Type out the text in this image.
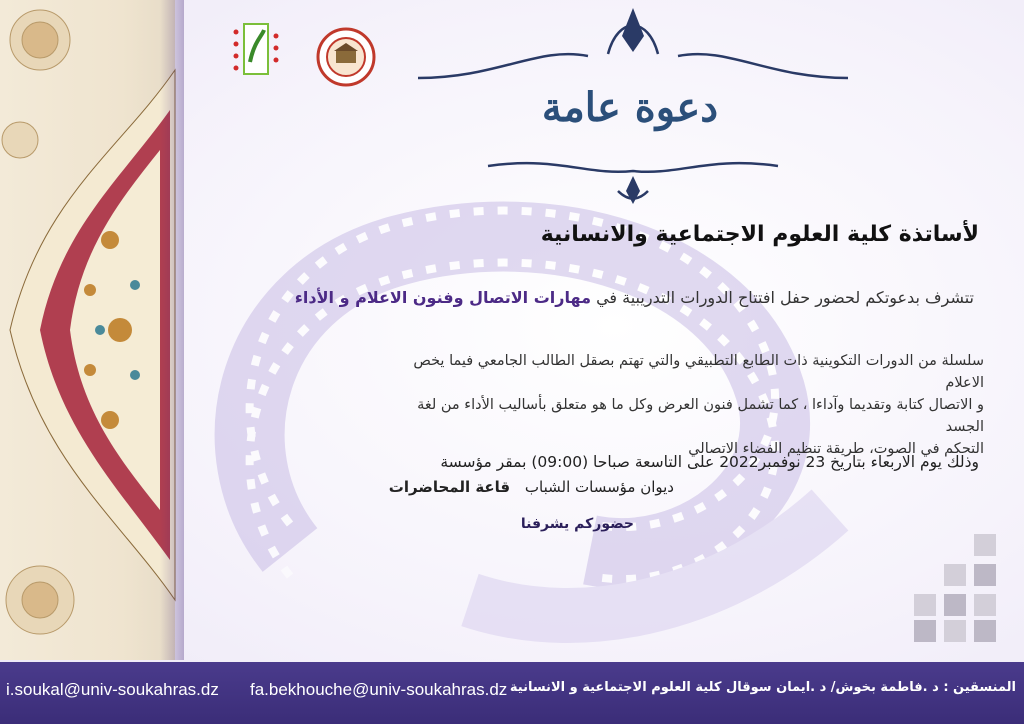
دعوة عامة
لأساتذة كلية العلوم الاجتماعية والانسانية
تتشرف بدعوتكم لحضور حفل افتتاح الدورات التدريبية في مهارات الاتصال وفنون الاعلام و الأداء
سلسلة من الدورات التكوينية ذات الطابع التطبيقي والتي تهتم بصقل الطالب الجامعي فيما يخص الاعلام
و الاتصال كتابة وتقديما وآداءا ، كما تشمل فنون العرض وكل ما هو متعلق بأساليب الأداء من لغة الجسد
التحكم في الصوت، طريقة تنظيم الفضاء الاتصالي
وذلك يوم الاربعاء بتاريخ 23 نوفمبر2022 على التاسعة صباحا (09:00) بمقر مؤسسة
ديوان مؤسسات الشباب قاعة المحاضرات
حضوركم يشرفنا
i.soukal@univ-soukahras.dz fa.bekhouche@univ-soukahras.dz المنسقين : د .فاطمة بخوش/ د .ايمان سوقال كلية العلوم الاجتماعية و الانسانية
